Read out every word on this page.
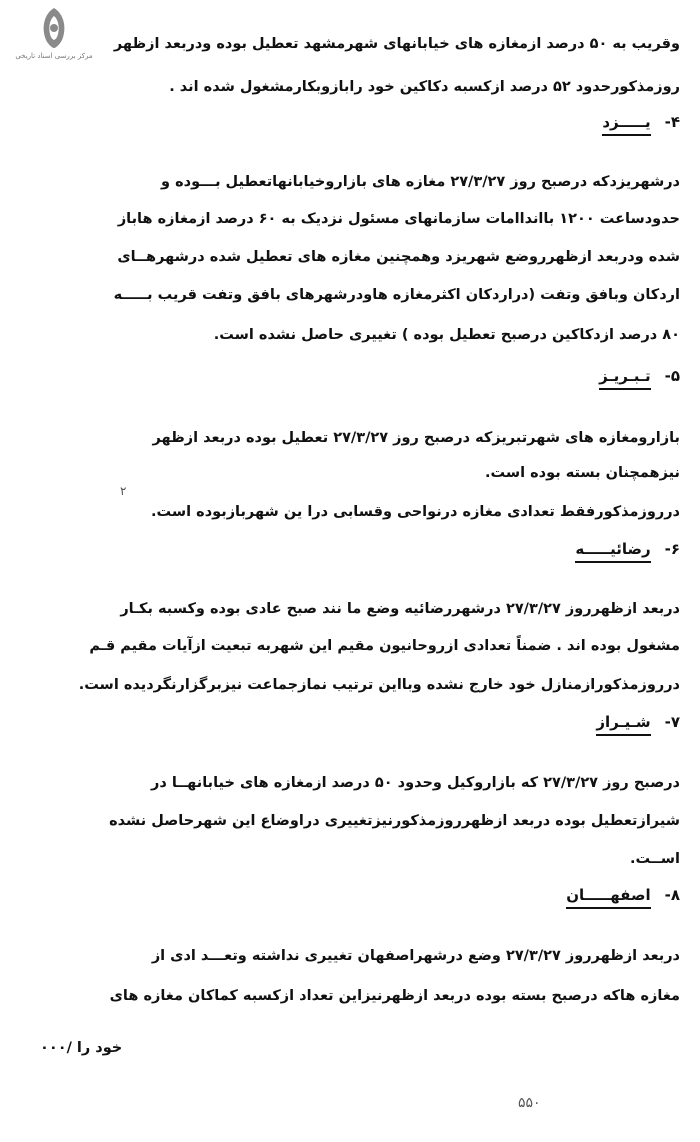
مرکز بررسی اسناد تاریخی
وقریب به ۵۰ درصد ازمغازه های خیابانهای شهرمشهد تعطیل بوده ودربعد ازظهر
روزمذکورحدود ۵۲ درصد ازکسبه دکاکین خود رابازوبکارمشغول شده اند .
۴-یـــــزد
درشهریزدکه درصبح روز ۲۷/۳/۲۷ مغازه های بازاروخیابانهاتعطیل بـــوده و
حدودساعت ۱۲۰۰ باانداامات سازمانهای مسئول نزدیک به ۶۰ درصد ازمغازه هاباز
شده ودربعد ازظهرروضع شهریزد وهمچنین مغازه های تعطیل شده درشهرهــای
اردکان وبافق وتفت (دراردکان اکثرمغازه هاودرشهرهای بافق وتفت قریب بـــــه
۸۰ درصد ازدکاکین درصبح تعطیل بوده ) تغییری حاصل نشده است.
۵-تـبـریـز
بازارومغازه های شهرتبریزکه درصبح روز ۲۷/۳/۲۷ تعطیل بوده دربعد ازظهر
نیزهمچنان بسته بوده است.
۲
درروزمذکورفقط تعدادی مغازه درنواحی وقسابی درا ین شهربازبوده است.
۶-رضائیـــــه
دربعد ازظهرروز ۲۷/۳/۲۷ درشهررضائیه وضع ما نند صبح عادی بوده وکسبه بکـار
مشغول بوده اند . ضمناً تعدادی ازروحانیون مقیم این شهربه تبعیت ازآیات مقیم قـم
درروزمذکورازمنازل خود خارج نشده وبااین ترتیب نمازجماعت نیزبرگزارنگردیده است.
۷-شـیـراز
درصبح روز ۲۷/۳/۲۷ که بازاروکیل وحدود ۵۰ درصد ازمغازه های خیابانهــا در
شیرازتعطیل بوده دربعد ازظهرروزمذکورنیزتغییری دراوضاع این شهرحاصل نشده
اســت.
۸-اصفهـــــان
دربعد ازظهرروز ۲۷/۳/۲۷ وضع درشهراصفهان تغییری نداشته وتعـــد ادی از
مغازه هاکه درصبح بسته بوده دربعد ازظهرنیزاین تعداد ازکسبه کماکان مغازه های
خود را /۰۰۰
۵۵۰
